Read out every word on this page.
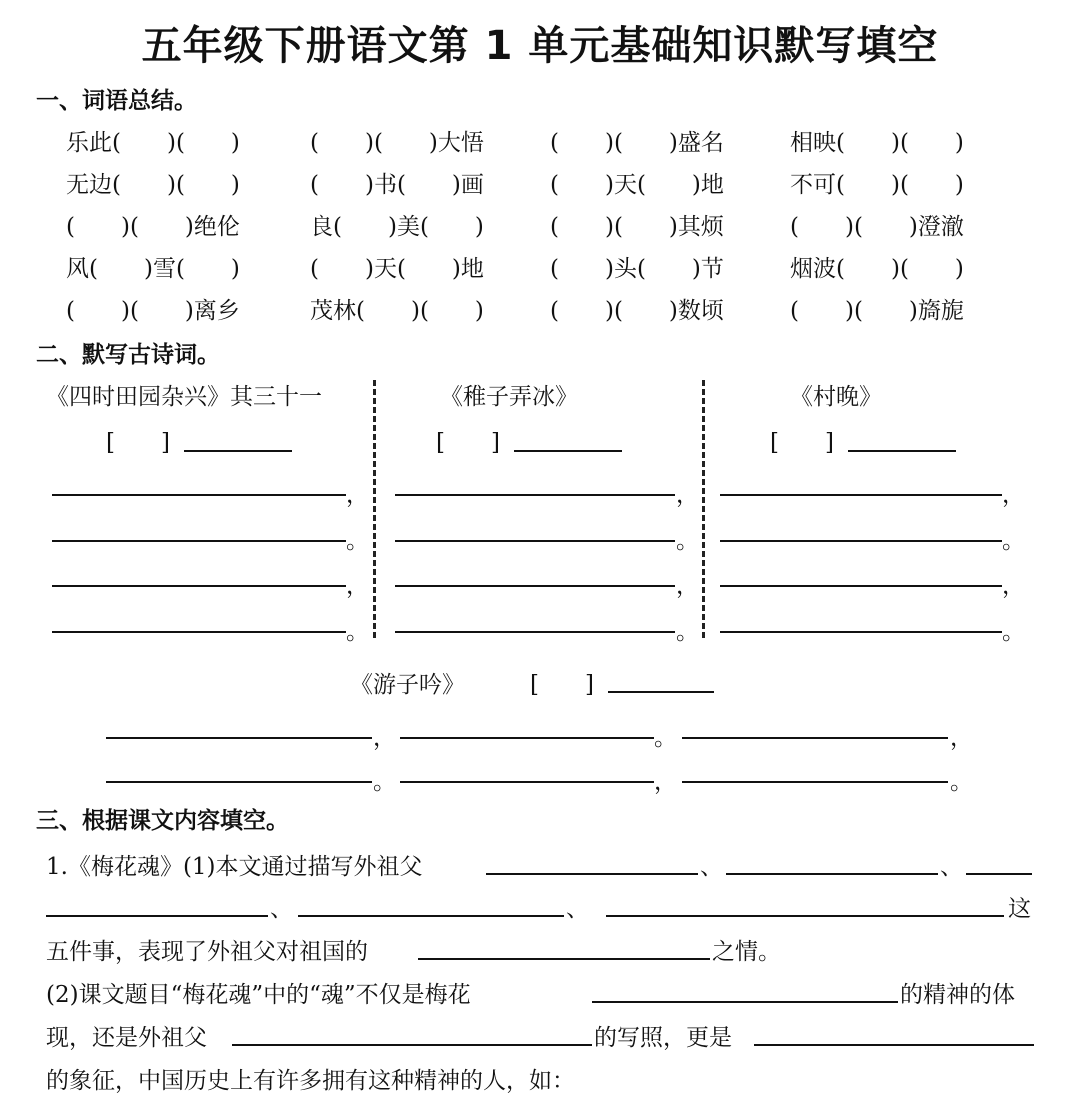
五年级下册语文第 1 单元基础知识默写填空
一、词语总结。
乐此(　　)(　　)	(　　)(　　)大悟	(　　)(　　)盛名	相映(　　)(　　)
无边(　　)(　　)	(　　)书(　　)画	(　　)天(　　)地	不可(　　)(　　)
(　　)(　　)绝伦	良(　　)美(　　)	(　　)(　　)其烦	(　　)(　　)澄澈
风(　　)雪(　　)	(　　)天(　　)地	(　　)头(　　)节	烟波(　　)(　　)
(　　)(　　)离乡	茂林(　　)(　　)	(　　)(　　)数顷	(　　)(　　)旖旎
二、默写古诗词。
《四时田园杂兴》其三十一
[　　]
，
。
，
。
《稚子弄冰》
[　　]
，
。
，
。
《村晚》
[　　]
，
。
，
。
《游子吟》	[　　]
，	。	，
。	，	。
三、根据课文内容填空。
1.《梅花魂》(1)本文通过描写外祖父	、	、
、	、	这
五件事，表现了外祖父对祖国的	之情。
(2)课文题目“梅花魂”中的“魂”不仅是梅花	的精神的体
现，还是外祖父	的写照，更是
的象征，中国历史上有许多拥有这种精神的人，如：
